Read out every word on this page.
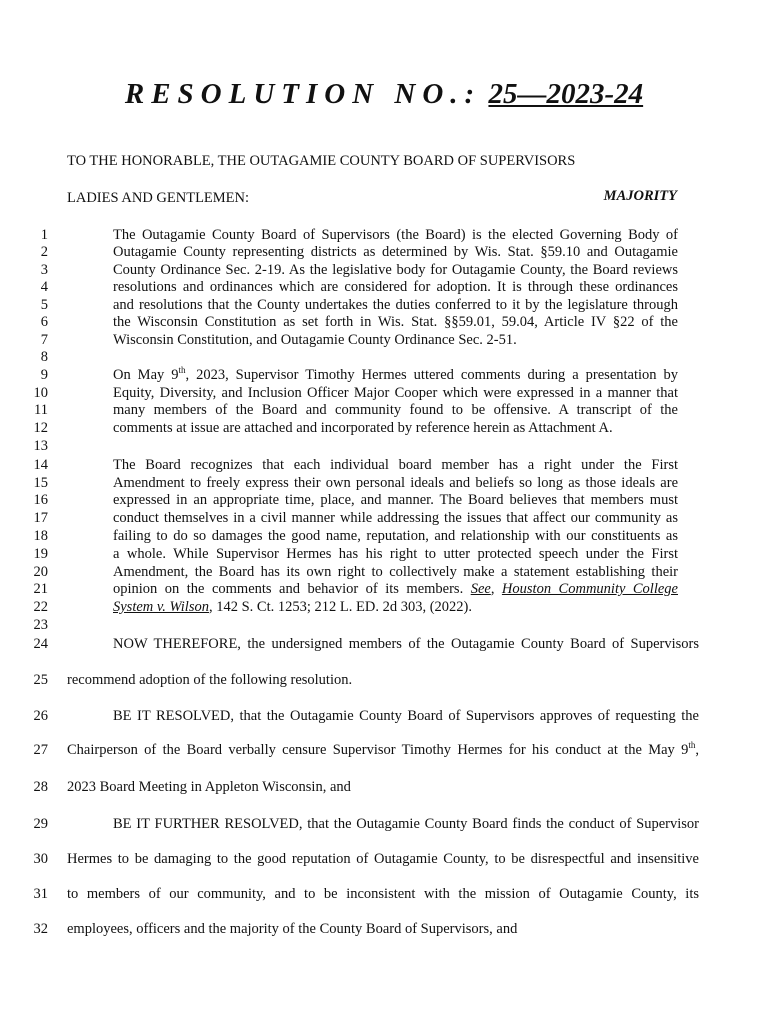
RESOLUTION NO.: 25—2023-24
TO THE HONORABLE, THE OUTAGAMIE COUNTY BOARD OF SUPERVISORS
LADIES AND GENTLEMEN:	MAJORITY
1
2
3
4
5
6
7
8
9
10
11
12
13
14
15
16
17
18
19
20
21
22
23
24
25
26
27
28
29
30
31
32
The Outagamie County Board of Supervisors (the Board) is the elected Governing Body of
Outagamie County representing districts as determined by Wis. Stat. §59.10 and Outagamie
County Ordinance Sec. 2-19. As the legislative body for Outagamie County, the Board reviews
resolutions and ordinances which are considered for adoption. It is through these ordinances
and resolutions that the County undertakes the duties conferred to it by the legislature through
the Wisconsin Constitution as set forth in Wis. Stat. §§59.01, 59.04, Article IV §22 of the
Wisconsin Constitution, and Outagamie County Ordinance Sec. 2-51.
On May 9th, 2023, Supervisor Timothy Hermes uttered comments during a presentation by
Equity, Diversity, and Inclusion Officer Major Cooper which were expressed in a manner that
many members of the Board and community found to be offensive. A transcript of the
comments at issue are attached and incorporated by reference herein as Attachment A.
The Board recognizes that each individual board member has a right under the First
Amendment to freely express their own personal ideals and beliefs so long as those ideals are
expressed in an appropriate time, place, and manner. The Board believes that members must
conduct themselves in a civil manner while addressing the issues that affect our community as
failing to do so damages the good name, reputation, and relationship with our constituents as
a whole. While Supervisor Hermes has his right to utter protected speech under the First
Amendment, the Board has its own right to collectively make a statement establishing their
opinion on the comments and behavior of its members. See, Houston Community College
System v. Wilson, 142 S. Ct. 1253; 212 L. ED. 2d 303, (2022).
NOW THEREFORE, the undersigned members of the Outagamie County Board of Supervisors
recommend adoption of the following resolution.
BE IT RESOLVED, that the Outagamie County Board of Supervisors approves of requesting the
Chairperson of the Board verbally censure Supervisor Timothy Hermes for his conduct at the May 9th,
2023 Board Meeting in Appleton Wisconsin, and
BE IT FURTHER RESOLVED, that the Outagamie County Board finds the conduct of Supervisor
Hermes to be damaging to the good reputation of Outagamie County, to be disrespectful and insensitive
to members of our community, and to be inconsistent with the mission of Outagamie County, its
employees, officers and the majority of the County Board of Supervisors, and
